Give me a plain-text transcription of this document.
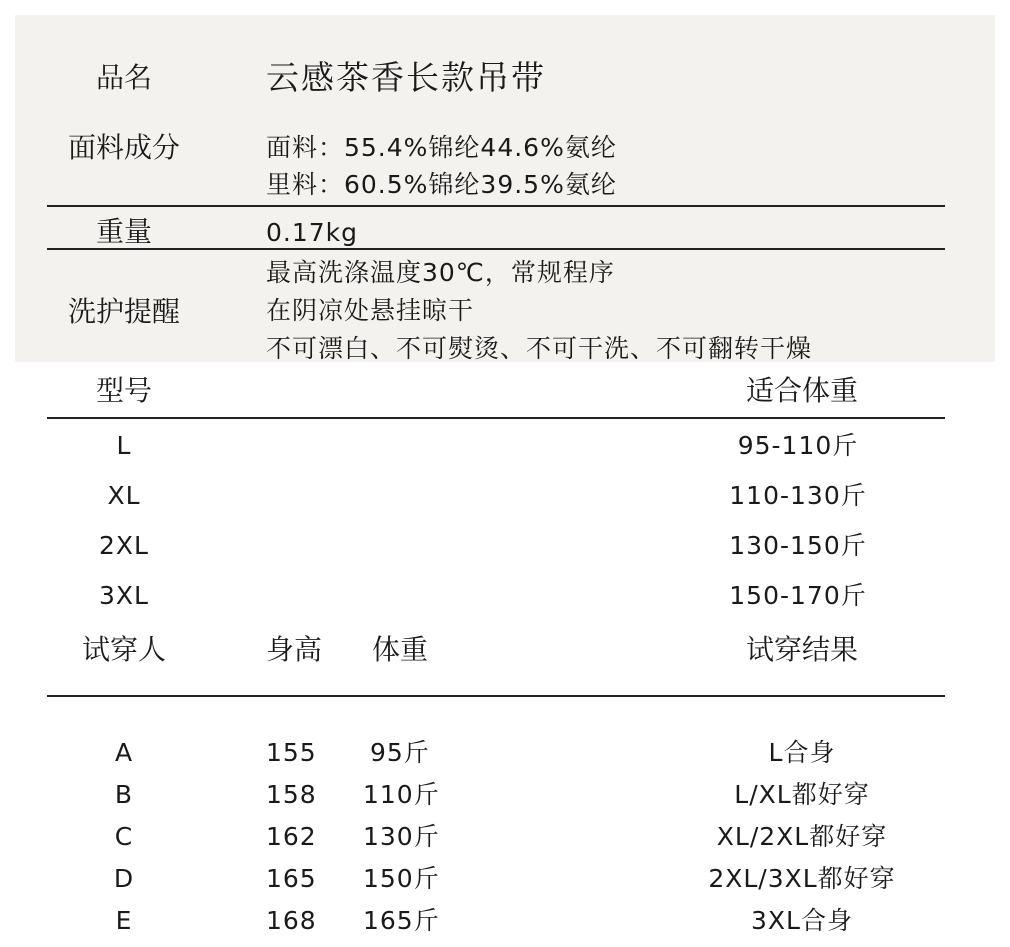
品名	云感茶香长款吊带
面料成分	面料：55.4%锦纶44.6%氨纶
里料：60.5%锦纶39.5%氨纶
重量	0.17kg
洗护提醒
最高洗涤温度30℃，常规程序
在阴凉处悬挂晾干
不可漂白、不可熨烫、不可干洗、不可翻转干燥
型号	适合体重
L	95-110斤
XL	110-130斤
2XL	130-150斤
3XL	150-170斤
试穿人	身高 体重	试穿结果
A	155 95斤	L合身
B	158 110斤	L/XL都好穿
C	162 130斤	XL/2XL都好穿
D	165 150斤	2XL/3XL都好穿
E	168 165斤	3XL合身
